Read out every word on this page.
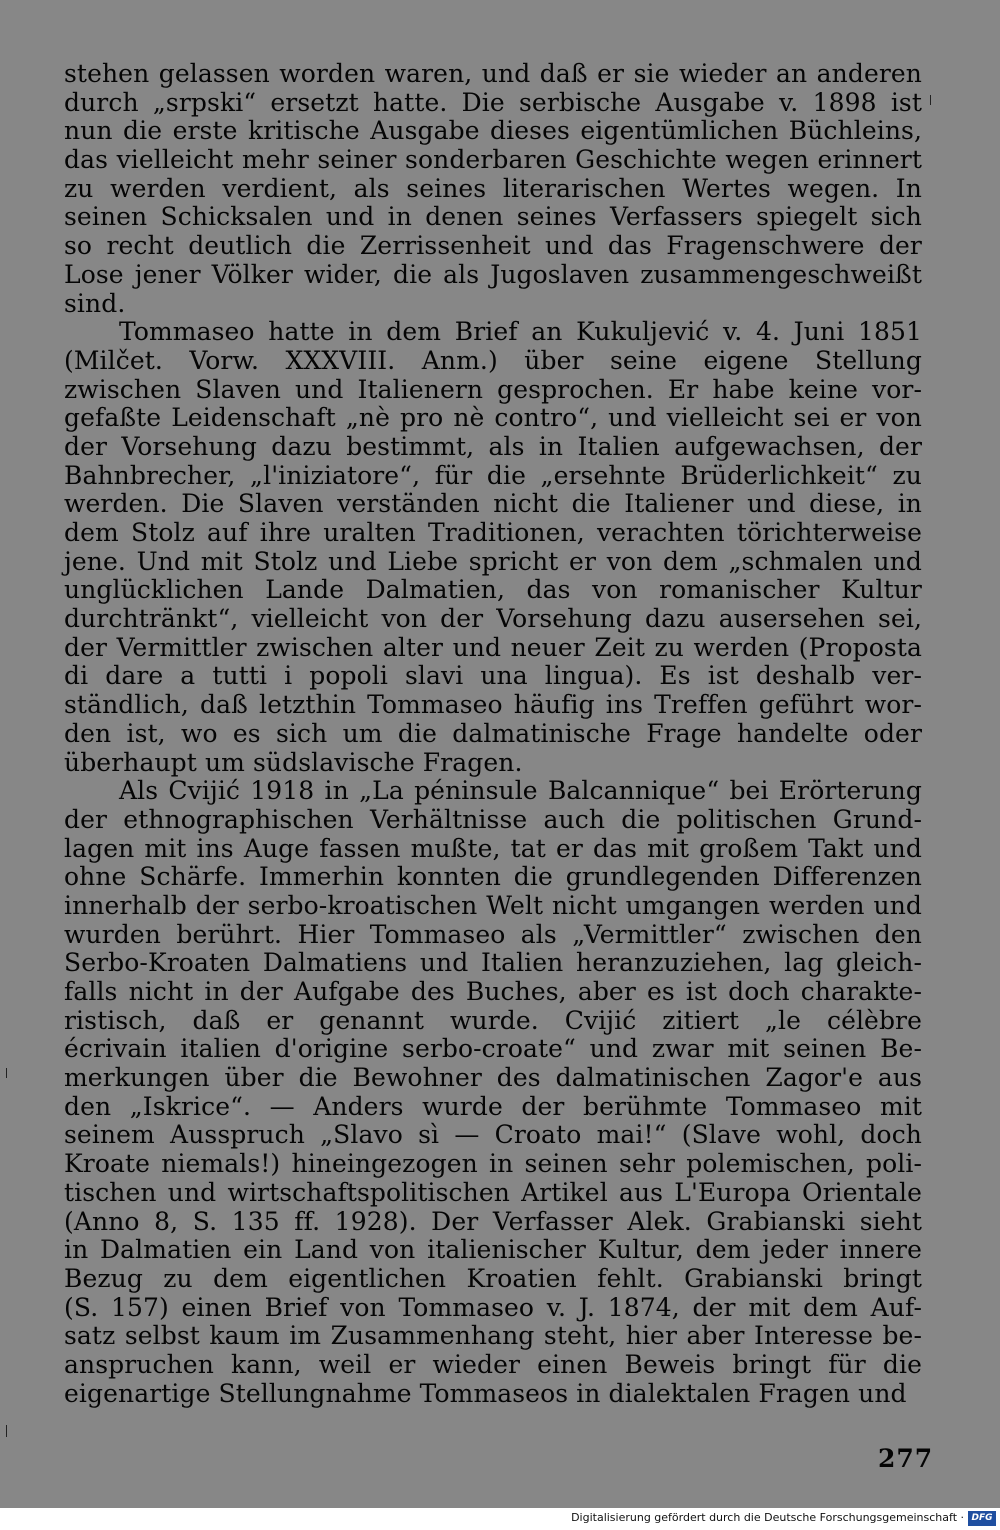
stehen gelassen worden waren, und daß er sie wieder an anderen
durch „srpski“ ersetzt hatte. Die serbische Ausgabe v. 1898 ist
nun die erste kritische Ausgabe dieses eigentümlichen Büchleins,
das vielleicht mehr seiner sonderbaren Geschichte wegen erinnert
zu werden verdient, als seines literarischen Wertes wegen. In
seinen Schicksalen und in denen seines Verfassers spiegelt sich
so recht deutlich die Zerrissenheit und das Fragenschwere der
Lose jener Völker wider, die als Jugoslaven zusammengeschweißt
sind.
Tommaseo hatte in dem Brief an Kukuljević v. 4. Juni 1851
(Milčet. Vorw. XXXVIII. Anm.) über seine eigene Stellung
zwischen Slaven und Italienern gesprochen. Er habe keine vor-
gefaßte Leidenschaft „nè pro nè contro“, und vielleicht sei er von
der Vorsehung dazu bestimmt, als in Italien aufgewachsen, der
Bahnbrecher, „l'iniziatore“, für die „ersehnte Brüderlichkeit“ zu
werden. Die Slaven verständen nicht die Italiener und diese, in
dem Stolz auf ihre uralten Traditionen, verachten törichterweise
jene. Und mit Stolz und Liebe spricht er von dem „schmalen und
unglücklichen Lande Dalmatien, das von romanischer Kultur
durchtränkt“, vielleicht von der Vorsehung dazu ausersehen sei,
der Vermittler zwischen alter und neuer Zeit zu werden (Proposta
di dare a tutti i popoli slavi una lingua). Es ist deshalb ver-
ständlich, daß letzthin Tommaseo häufig ins Treffen geführt wor-
den ist, wo es sich um die dalmatinische Frage handelte oder
überhaupt um südslavische Fragen.
Als Cvijić 1918 in „La péninsule Balcannique“ bei Erörterung
der ethnographischen Verhältnisse auch die politischen Grund-
lagen mit ins Auge fassen mußte, tat er das mit großem Takt und
ohne Schärfe. Immerhin konnten die grundlegenden Differenzen
innerhalb der serbo-kroatischen Welt nicht umgangen werden und
wurden berührt. Hier Tommaseo als „Vermittler“ zwischen den
Serbo-Kroaten Dalmatiens und Italien heranzuziehen, lag gleich-
falls nicht in der Aufgabe des Buches, aber es ist doch charakte-
ristisch, daß er genannt wurde. Cvijić zitiert „le célèbre
écrivain italien d'origine serbo-croate“ und zwar mit seinen Be-
merkungen über die Bewohner des dalmatinischen Zagor'e aus
den „Iskrice“. — Anders wurde der berühmte Tommaseo mit
seinem Ausspruch „Slavo sì — Croato mai!“ (Slave wohl, doch
Kroate niemals!) hineingezogen in seinen sehr polemischen, poli-
tischen und wirtschaftspolitischen Artikel aus L'Europa Orientale
(Anno 8, S. 135 ff. 1928). Der Verfasser Alek. Grabianski sieht
in Dalmatien ein Land von italienischer Kultur, dem jeder innere
Bezug zu dem eigentlichen Kroatien fehlt. Grabianski bringt
(S. 157) einen Brief von Tommaseo v. J. 1874, der mit dem Auf-
satz selbst kaum im Zusammenhang steht, hier aber Interesse be-
anspruchen kann, weil er wieder einen Beweis bringt für die
eigenartige Stellungnahme Tommaseos in dialektalen Fragen und
277
Digitalisierung gefördert durch die Deutsche Forschungsgemeinschaft · DFG
